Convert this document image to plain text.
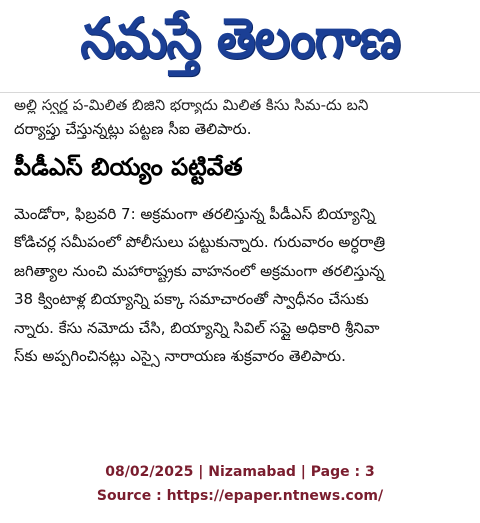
నమస్తే తెలంగాణ
అల్లి స్వర్ణ ప-మిలిత బిజిని భర్యాదు మిలిత కిసు సిమ-దు బని
దర్యాప్తు చేస్తున్నట్లు పట్టణ సీఐ తెలిపారు.
పీడీఎస్ బియ్యం పట్టివేత
మెండోరా, ఫిబ్రవరి 7: అక్రమంగా తరలిస్తున్న పీడీఎస్ బియ్యాన్ని
కోడిచర్ల సమీపంలో పోలీసులు పట్టుకున్నారు. గురువారం అర్ధరాత్రి
జగిత్యాల నుంచి మహారాష్ట్రకు వాహనంలో అక్రమంగా తరలిస్తున్న
38 క్వింటాళ్ల బియ్యాన్ని పక్కా సమాచారంతో స్వాధీనం చేసుకు
న్నారు. కేసు నమోదు చేసి, బియ్యాన్ని సివిల్ సప్లై అధికారి శ్రీనివా
స్‌కు అప్పగించినట్లు ఎస్సై నారాయణ శుక్రవారం తెలిపారు.
08/02/2025 | Nizamabad | Page : 3
Source : https://epaper.ntnews.com/
